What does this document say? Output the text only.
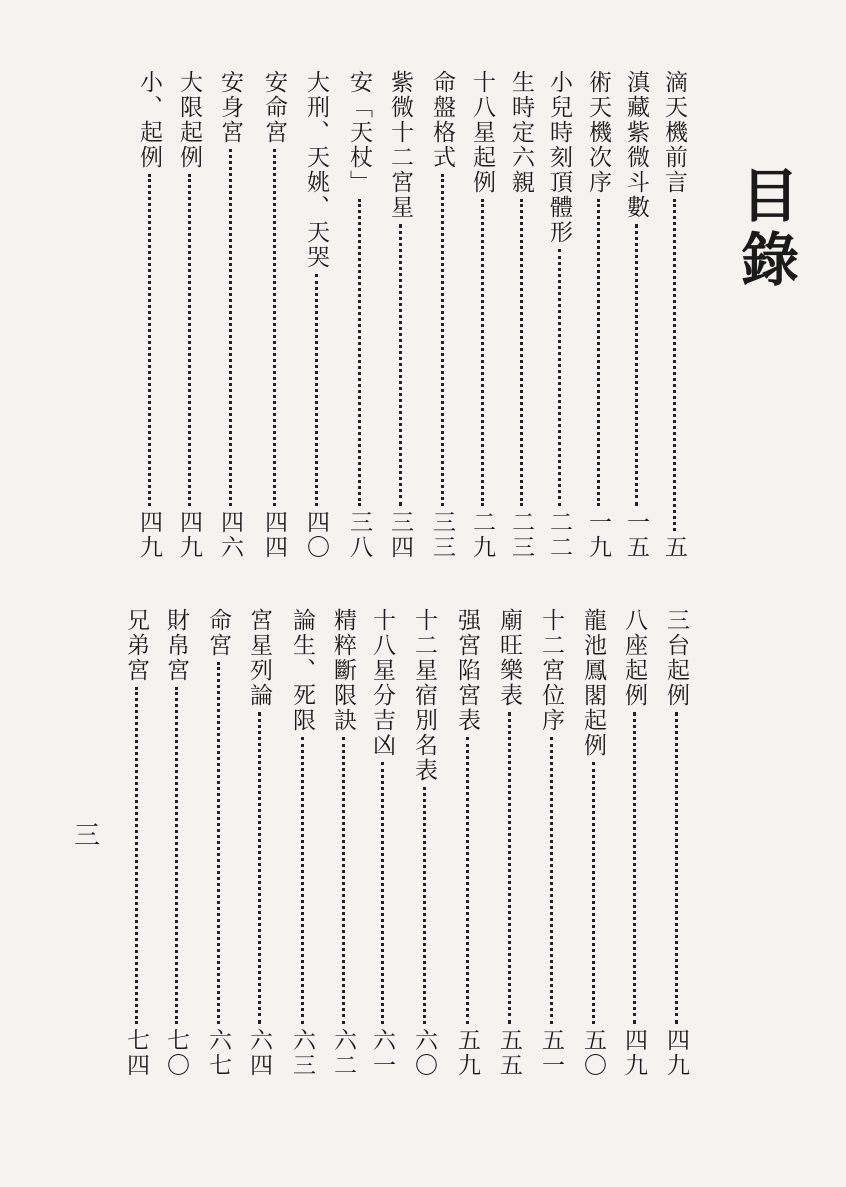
目錄
滴天機前言
五
滇藏紫微斗數
一五
術天機次序
一九
小兒時刻頂體形
二二
生時定六親
二三
十八星起例
二九
命盤格式
三三
紫微十二宮星
三四
安「天杖」
三八
大刑、天姚、天哭
四〇
安命宮
四四
安身宮
四六
大限起例
四九
小、起例
四九
三台起例
四九
八座起例
四九
龍池鳳閣起例
五〇
十二宮位序
五一
廟旺樂表
五五
强宮陷宮表
五九
十二星宿別名表
六〇
十八星分吉凶
六一
精粹斷限訣
六二
論生、死限
六三
宮星列論
六四
命宮
六七
財帛宮
七〇
兄弟宮
七四
三
